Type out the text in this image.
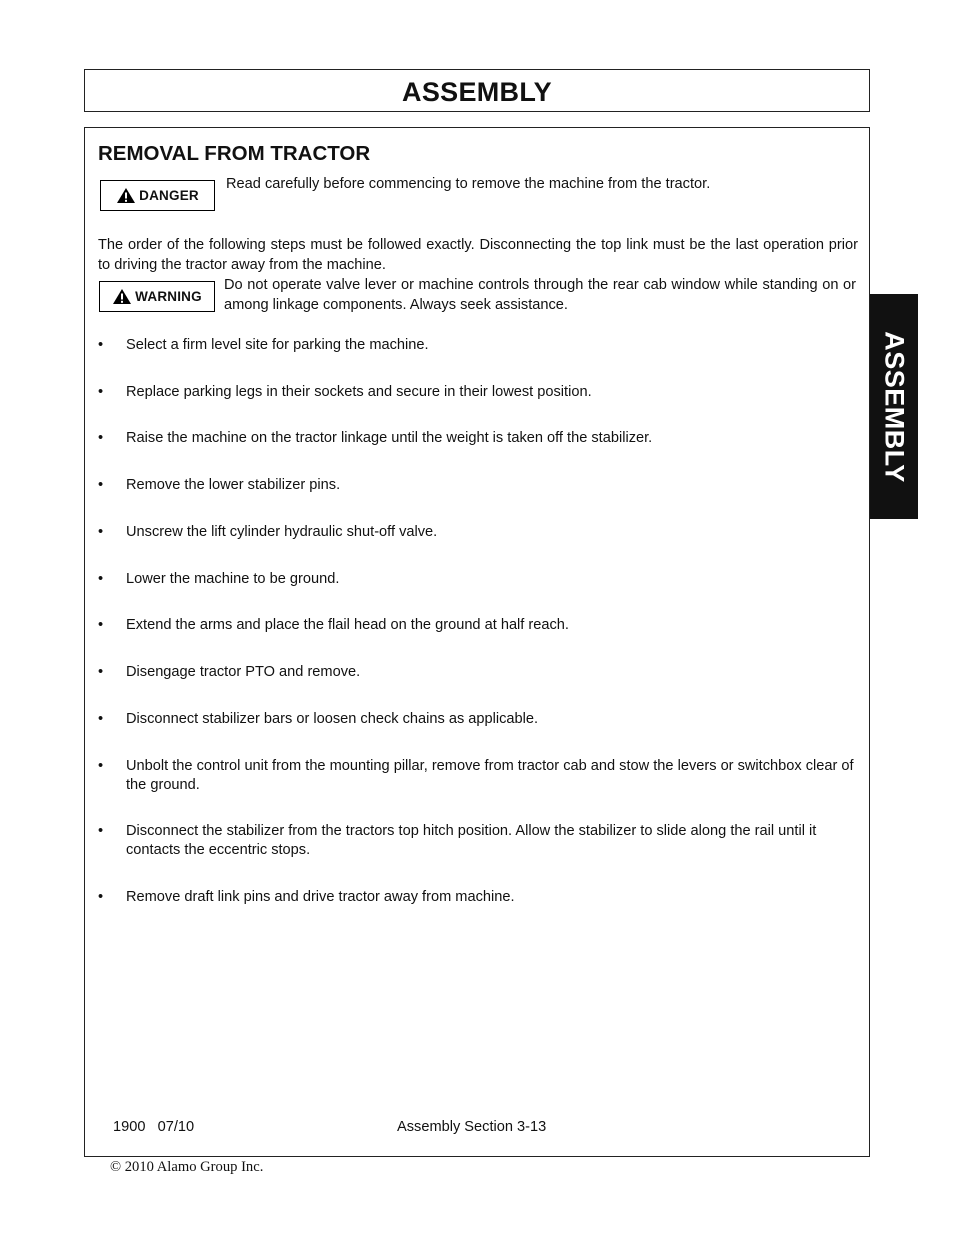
ASSEMBLY
ASSEMBLY
REMOVAL FROM TRACTOR
DANGER
Read carefully before commencing to remove the machine from the tractor.
The order of the following steps must be followed exactly. Disconnecting the top link must be the last operation prior to driving the tractor away from the machine.
WARNING
Do not operate valve lever or machine controls through the rear cab window while standing on or among linkage components. Always seek assistance.
• Select a firm level site for parking the machine.
• Replace parking legs in their sockets and secure in their lowest position.
• Raise the machine on the tractor linkage until the weight is taken off the stabilizer.
• Remove the lower stabilizer pins.
• Unscrew the lift cylinder hydraulic shut-off valve.
• Lower the machine to be ground.
• Extend the arms and place the flail head on the ground at half reach.
• Disengage tractor PTO and remove.
• Disconnect stabilizer bars or loosen check chains as applicable.
• Unbolt the control unit from the mounting pillar, remove from tractor cab and stow the levers or switchbox clear of the ground.
• Disconnect the stabilizer from the tractors top hitch position. Allow the stabilizer to slide along the rail until it contacts the eccentric stops.
• Remove draft link pins and drive tractor away from machine.
1900   07/10	Assembly Section 3-13
© 2010 Alamo Group Inc.
